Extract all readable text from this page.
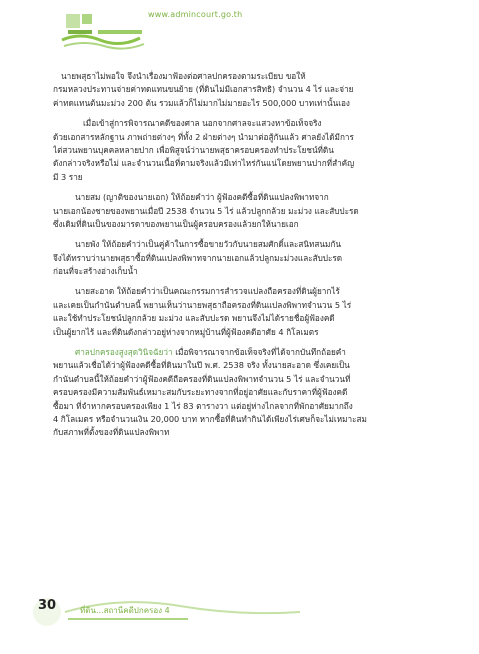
www.admincourt.go.th
นายพสุธาไม่พอใจ จึงนำเรื่องมาฟ้องต่อศาลปกครองตามระเบียบ ขอให้
กรมหลวงประทานจ่ายค่าทดแทนขนย้าย (ที่ดินไม่มีเอกสารสิทธิ) จำนวน 4 ไร่ และจ่าย
ค่าทดแทนต้นมะม่วง 200 ต้น รวมแล้วก็ไม่มากไม่มายอะไร 500,000 บาทเท่านั้นเอง
เมื่อเข้าสู่การพิจารณาคดีของศาล นอกจากศาลจะแสวงหาข้อเท็จจริง
ด้วยเอกสารหลักฐาน ภาพถ่ายต่างๆ ที่ทั้ง 2 ฝ่ายต่างๆ นำมาต่อสู้กันแล้ว ศาลยังได้มีการ
ไต่สวนพยานบุคคลหลายปาก เพื่อพิสูจน์ว่านายพสุธาครอบครองทำประโยชน์ที่ดิน
ดังกล่าวจริงหรือไม่ และจำนวนเนื้อที่ตามจริงแล้วมีเท่าไหร่กันแน่โดยพยานปากที่สำคัญ
มี 3 ราย
นายสม (ญาติของนายเอก) ให้ถ้อยคำว่า ผู้ฟ้องคดีซื้อที่ดินแปลงพิพาทจาก
นายเอกน้องชายของพยานเมื่อปี 2538 จำนวน 5 ไร่ แล้วปลูกกล้วย มะม่วง และสับปะรด
ซึ่งเดิมที่ดินเป็นของมารดาของพยานเป็นผู้ครอบครองแล้วยกให้นายเอก
นายพัง ให้ถ้อยคำว่าเป็นคู่ค้าในการซื้อขายวัวกับนายสมศักดิ์และสนิทสนมกัน
จึงได้ทราบว่านายพสุธาซื้อที่ดินแปลงพิพาทจากนายเอกแล้วปลูกมะม่วงและสับปะรด
ก่อนที่จะสร้างอ่างเก็บน้ำ
นายสะอาด ให้ถ้อยคำว่าเป็นคณะกรรมการสำรวจแปลงถือครองที่ดินผู้ยากไร้
และเคยเป็นกำนันตำบลนี้ พยานเห็นว่านายพสุธาถือครองที่ดินแปลงพิพาทจำนวน 5 ไร่
และใช้ทำประโยชน์ปลูกกล้วย มะม่วง และสับปะรด พยานจึงไม่ได้รายชื่อผู้ฟ้องคดี
เป็นผู้ยากไร้ และที่ดินดังกล่าวอยู่ห่างจากหมู่บ้านที่ผู้ฟ้องคดีอาศัย 4 กิโลเมตร
ศาลปกครองสูงสุดวินิจฉัยว่า เมื่อพิจารณาจากข้อเท็จจริงที่ได้จากบันทึกถ้อยคำ
พยานแล้วเชื่อได้ว่าผู้ฟ้องคดีซื้อที่ดินมาในปี พ.ศ. 2538 จริง ทั้งนายสะอาด ซึ่งเคยเป็น
กำนันตำบลนี้ให้ถ้อยคำว่าผู้ฟ้องคดีถือครองที่ดินแปลงพิพาทจำนวน 5 ไร่ และจำนวนที่
ครอบครองมีความสัมพันธ์เหมาะสมกับระยะทางจากที่อยู่อาศัยและกับราคาที่ผู้ฟ้องคดี
ซื้อมา ที่จำหากครอบครองเพียง 1 ไร่ 83 ตารางวา แต่อยู่ห่างไกลจากที่พักอาศัยมากถึง
4 กิโลเมตร หรือจำนวนเงิน 20,000 บาท หากซื้อที่ดินทำกินได้เพียงไร่เศษก็จะไม่เหมาะสม
กับสภาพที่ตั้งของที่ดินแปลงพิพาท
30	ที่ดิน...สถานีคดีปกครอง 4
